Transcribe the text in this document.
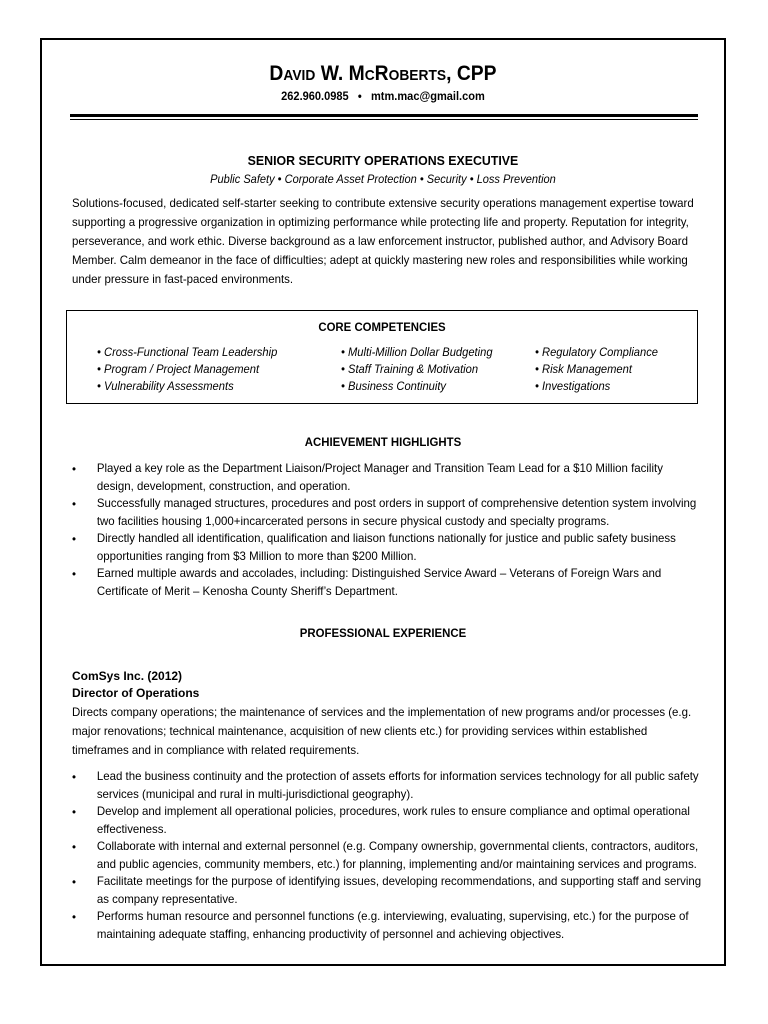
David W. McRoberts, CPP
262.960.0985 • mtm.mac@gmail.com
SENIOR SECURITY OPERATIONS EXECUTIVE
Public Safety • Corporate Asset Protection • Security • Loss Prevention
Solutions-focused, dedicated self-starter seeking to contribute extensive security operations management expertise toward supporting a progressive organization in optimizing performance while protecting life and property. Reputation for integrity, perseverance, and work ethic. Diverse background as a law enforcement instructor, published author, and Advisory Board Member. Calm demeanor in the face of difficulties; adept at quickly mastering new roles and responsibilities while working under pressure in fast-paced environments.
CORE COMPETENCIES
• Cross-Functional Team Leadership
• Program / Project Management
• Vulnerability Assessments
• Multi-Million Dollar Budgeting
• Staff Training & Motivation
• Business Continuity
• Regulatory Compliance
• Risk Management
• Investigations
ACHIEVEMENT HIGHLIGHTS
• Played a key role as the Department Liaison/Project Manager and Transition Team Lead for a $10 Million facility design, development, construction, and operation.
• Successfully managed structures, procedures and post orders in support of comprehensive detention system involving two facilities housing 1,000+incarcerated persons in secure physical custody and specialty programs.
• Directly handled all identification, qualification and liaison functions nationally for justice and public safety business opportunities ranging from $3 Million to more than $200 Million.
• Earned multiple awards and accolades, including: Distinguished Service Award – Veterans of Foreign Wars and Certificate of Merit – Kenosha County Sheriff’s Department.
PROFESSIONAL EXPERIENCE
ComSys Inc. (2012)
Director of Operations
Directs company operations; the maintenance of services and the implementation of new programs and/or processes (e.g. major renovations; technical maintenance, acquisition of new clients etc.) for providing services within established timeframes and in compliance with related requirements.
• Lead the business continuity and the protection of assets efforts for information services technology for all public safety services (municipal and rural in multi-jurisdictional geography).
• Develop and implement all operational policies, procedures, work rules to ensure compliance and optimal operational effectiveness.
• Collaborate with internal and external personnel (e.g. Company ownership, governmental clients, contractors, auditors, and public agencies, community members, etc.) for planning, implementing and/or maintaining services and programs.
• Facilitate meetings for the purpose of identifying issues, developing recommendations, and supporting staff and serving as company representative.
• Performs human resource and personnel functions (e.g. interviewing, evaluating, supervising, etc.) for the purpose of maintaining adequate staffing, enhancing productivity of personnel and achieving objectives.
